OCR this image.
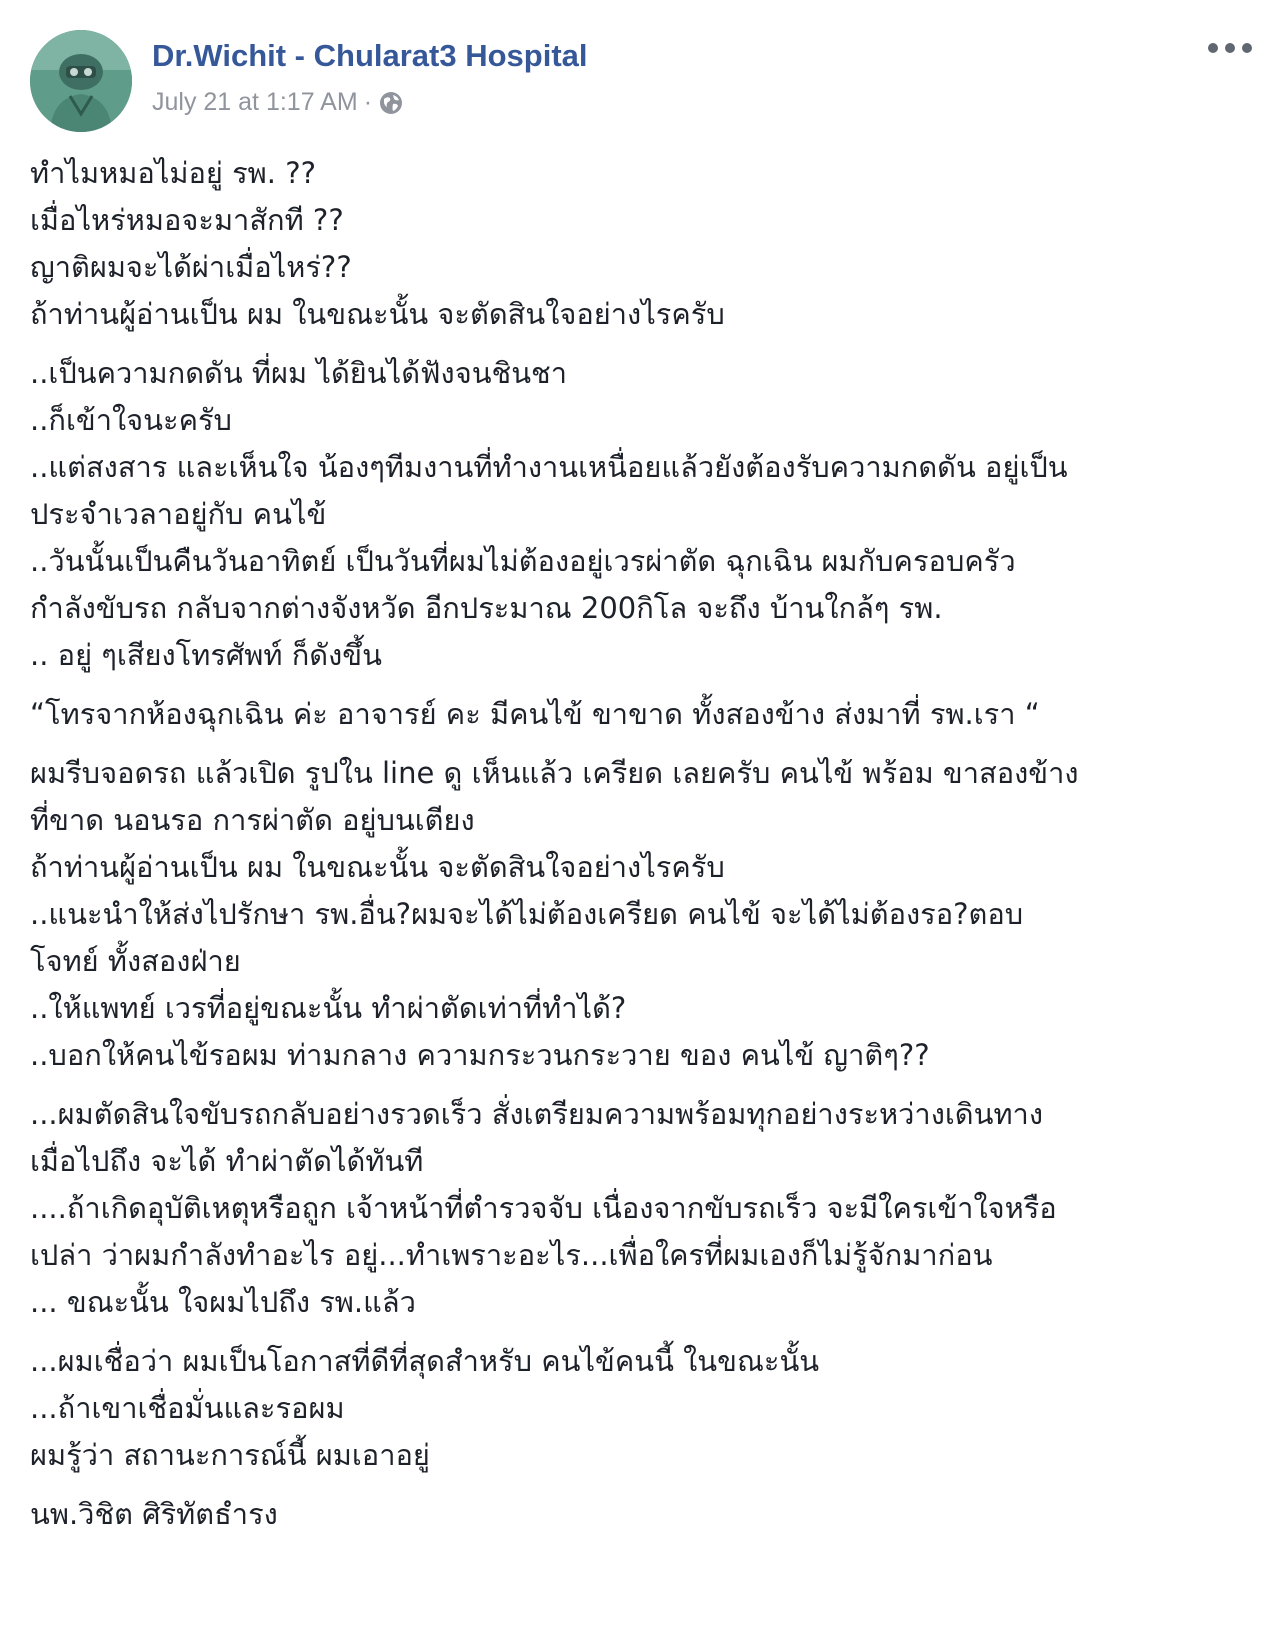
Dr.Wichit - Chularat3 Hospital
July 21 at 1:17 AM ·
ทำไมหมอไม่อยู่ รพ. ??
เมื่อไหร่หมอจะมาสักที ??
ญาติผมจะได้ผ่าเมื่อไหร่??
ถ้าท่านผู้อ่านเป็น ผม ในขณะนั้น จะตัดสินใจอย่างไรครับ
..เป็นความกดดัน ที่ผม ได้ยินได้ฟังจนชินชา
..ก็เข้าใจนะครับ
..แต่สงสาร และเห็นใจ น้องๆทีมงานที่ทำงานเหนื่อยแล้วยังต้องรับความกดดัน อยู่เป็น
ประจำเวลาอยู่กับ คนไข้
..วันนั้นเป็นคืนวันอาทิตย์ เป็นวันที่ผมไม่ต้องอยู่เวรผ่าตัด ฉุกเฉิน ผมกับครอบครัว
กำลังขับรถ กลับจากต่างจังหวัด อีกประมาณ 200กิโล จะถึง บ้านใกล้ๆ รพ.
.. อยู่ ๆเสียงโทรศัพท์ ก็ดังขึ้น
“โทรจากห้องฉุกเฉิน ค่ะ อาจารย์ คะ มีคนไข้ ขาขาด ทั้งสองข้าง ส่งมาที่ รพ.เรา “
ผมรีบจอดรถ แล้วเปิด รูปใน line ดู เห็นแล้ว เครียด เลยครับ คนไข้ พร้อม ขาสองข้าง
ที่ขาด นอนรอ การผ่าตัด อยู่บนเตียง
ถ้าท่านผู้อ่านเป็น ผม ในขณะนั้น จะตัดสินใจอย่างไรครับ
..แนะนำให้ส่งไปรักษา รพ.อื่น?ผมจะได้ไม่ต้องเครียด คนไข้ จะได้ไม่ต้องรอ?ตอบ
โจทย์ ทั้งสองฝ่าย
..ให้แพทย์ เวรที่อยู่ขณะนั้น ทำผ่าตัดเท่าที่ทำได้?
..บอกให้คนไข้รอผม ท่ามกลาง ความกระวนกระวาย ของ คนไข้ ญาติๆ??
...ผมตัดสินใจขับรถกลับอย่างรวดเร็ว สั่งเตรียมความพร้อมทุกอย่างระหว่างเดินทาง
เมื่อไปถึง จะได้ ทำผ่าตัดได้ทันที
....ถ้าเกิดอุบัติเหตุหรือถูก เจ้าหน้าที่ตำรวจจับ เนื่องจากขับรถเร็ว จะมีใครเข้าใจหรือ
เปล่า ว่าผมกำลังทำอะไร อยู่...ทำเพราะอะไร...เพื่อใครที่ผมเองก็ไม่รู้จักมาก่อน
... ขณะนั้น ใจผมไปถึง รพ.แล้ว
...ผมเชื่อว่า ผมเป็นโอกาสที่ดีที่สุดสำหรับ คนไข้คนนี้ ในขณะนั้น
...ถ้าเขาเชื่อมั่นและรอผม
ผมรู้ว่า สถานะการณ์นี้ ผมเอาอยู่
นพ.วิชิต ศิริทัตธำรง
